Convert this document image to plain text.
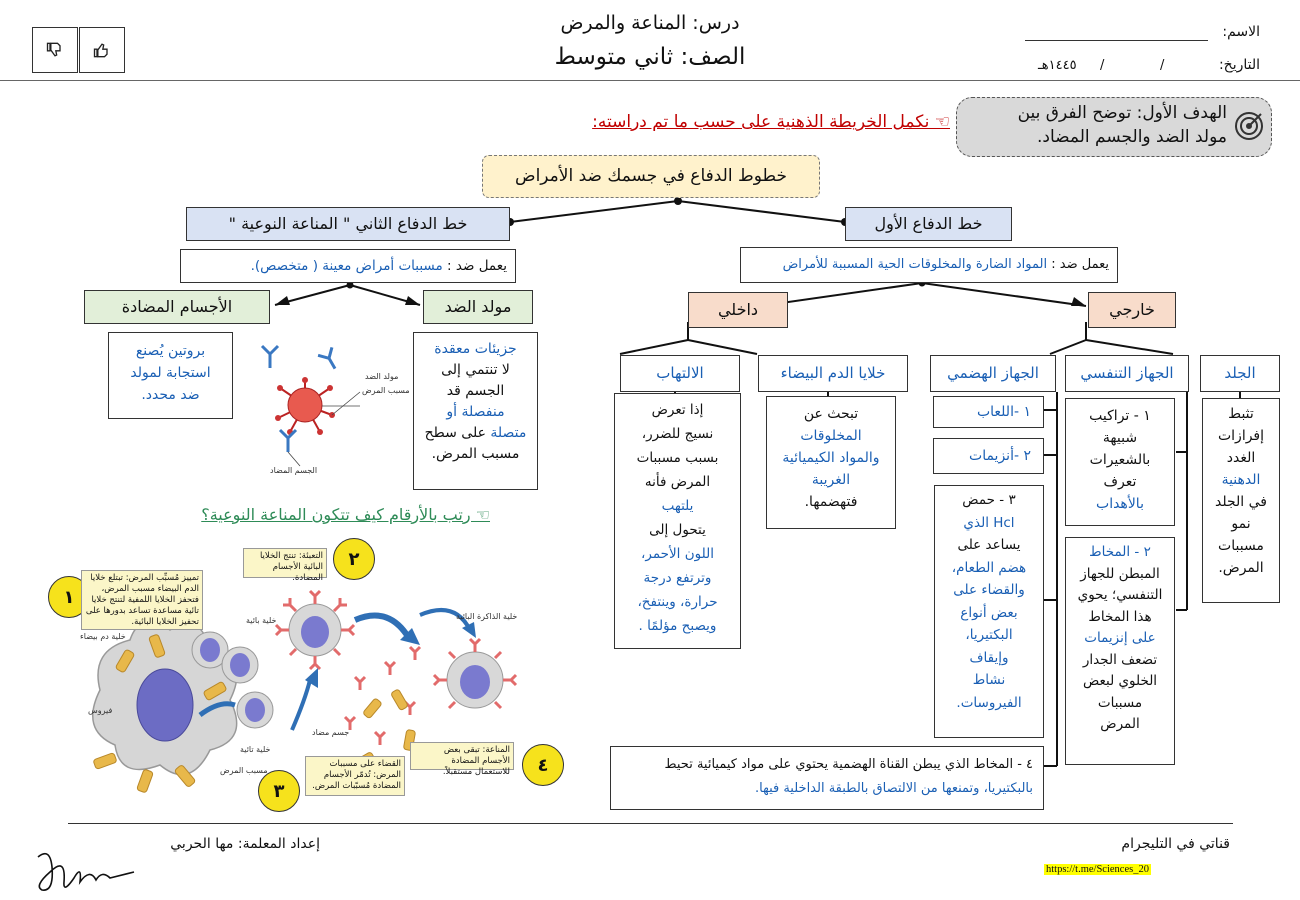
درس: المناعة والمرض
الصف: ثاني متوسط
الاسم:
التاريخ:
/
/
١٤٤٥هـ
الهدف الأول: توضح الفرق بين
مولد الضد والجسم المضاد.
☜ نكمل الخريطة الذهنية على حسب ما تم دراسته:
خطوط الدفاع في جسمك ضد الأمراض
خط الدفاع الثاني " المناعة النوعية "
يعمل ضد : مسببات أمراض معينة ( متخصص).
مولد الضد
الأجسام المضادة
جزيئات معقدة
لا تنتمي إلى
الجسم قد
منفصلة أو
متصلة على سطح
مسبب المرض.
بروتين يُصنع
استجابة لمولد
ضد محدد.
مولد الضد
مسبب المرض
الجسم المضاد
خط الدفاع الأول
يعمل ضد : المواد الضارة والمخلوقات الحية المسببة للأمراض
خارجي
داخلي
الجلد
الجهاز التنفسي
الجهاز الهضمي
خلايا الدم البيضاء
الالتهاب
تثبط
إفرازات
الغدد
الدهنية
في الجلد
نمو
مسببات
المرض.
١ - تراكيب
شبيهة
بالشعيرات
تعرف
بالأهداب
٢ - المخاط
المبطن للجهاز
التنفسي؛ يحوي
هذا المخاط
على إنزيمات
تضعف الجدار
الخلوي لبعض
مسببات
المرض
١ -اللعاب
٢ -أنزيمات
٣ - حمض
Hcl الذي
يساعد على
هضم الطعام،
والقضاء على
بعض أنواع
البكتيريا،
وإيقاف
نشاط
الفيروسات.
٤ - المخاط الذي يبطن القناة الهضمية يحتوي على مواد كيميائية تحيط
بالبكتيريا، وتمنعها من الالتصاق بالطبقة الداخلية فيها.
تبحث عن
المخلوقات
والمواد الكيميائية
الغريبة
فتهضمها.
إذا تعرض
نسيج للضرر،
بسبب مسببات
المرض فأنه
يلتهب
يتحول إلى
اللون الأحمر،
وترتفع درجة
حرارة، وينتفخ،
ويصبح مؤلمًا .
☜ رتب بالأرقام كيف تتكون المناعة النوعية؟
١
٢
٣
٤
تمييز مُسبِّب المرض: تبتلع خلايا الدم البيضاء مسبب المرض، فتحفز الخلايا اللمفية لتنتج خلايا تائية مساعدة تساعد بدورها على تحفيز الخلايا البائية.
التعبئة: تنتج الخلايا البائية الأجسام المضادة.
القضاء على مسببات المرض: تُدمّر الأجسام المضادة مُسبّبات المرض.
المناعة: تبقى بعض الأجسام المضادة للاستعمال مستقبلاً.
خلية دم بيضاء
فيروس
خلية تائية
مسبب المرض
خلية بائية
جسم مضاد
خلية الذاكرة البائية
إعداد المعلمة: مها الحربي	قناتي في التليجرام
https://t.me/Sciences_20
